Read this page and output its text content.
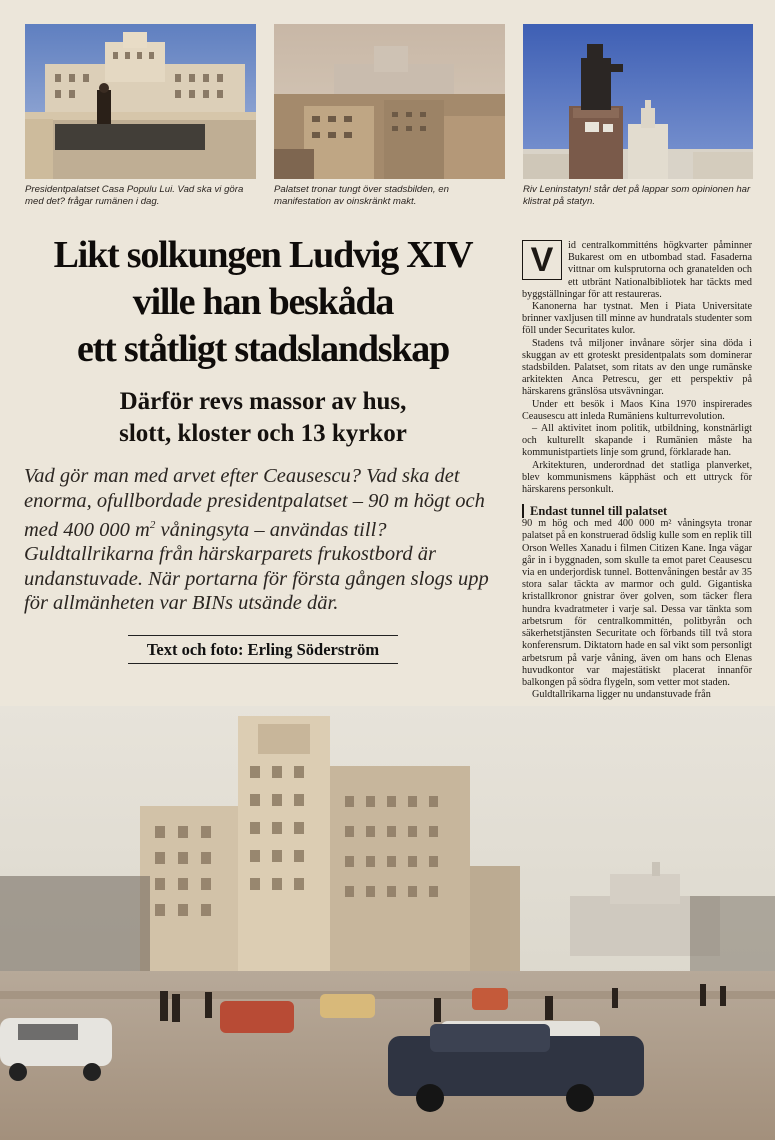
Presidentpalatset Casa Populu Lui. Vad ska vi göra med det? frågar rumänen i dag.
Palatset tronar tungt över stadsbilden, en manifestation av oinskränkt makt.
Riv Leninstatyn! står det på lappar som opinionen har klistrat på statyn.
Likt solkungen Ludvig XIV
ville han beskåda
ett ståtligt stadslandskap
Därför revs massor av hus,
slott, kloster och 13 kyrkor
Vad gör man med arvet efter Ceausescu? Vad ska det enorma, ofullbordade presidentpalatset – 90 m högt och med 400 000 $m^2$ våningsyta – användas till? Guldtallrikarna från härskarparets frukostbord är undanstuvade. När portarna för första gången slogs upp för allmänheten var BINs utsände där.
Text och foto: Erling Söderström

V	id centralkommitténs högkvarter påminner Bukarest om en utbombad stad. Fasaderna vittnar om kulsprutorna och granatelden och ett utbränt Nationalbibliotek har täckts med byggställningar för att restaureras.

Kanonerna har tystnat. Men i Piata Universitate brinner vaxljusen till minne av hundratals studenter som föll under Securitates kulor.

Stadens två miljoner invånare sörjer sina döda i skuggan av ett groteskt presidentpalats som dominerar stadsbilden. Palatset, som ritats av den unge rumänske arkitekten Anca Petrescu, ger ett perspektiv på härskarens gränslösa utsvävningar.

Under ett besök i Maos Kina 1970 inspirerades Ceausescu att inleda Rumäniens kulturrevolution.

– All aktivitet inom politik, utbildning, konstnärligt och kulturellt skapande i Rumänien måste ha kommunistpartiets linje som grund, förklarade han.

Arkitekturen, underordnad det statliga planverket, blev kommunismens käpphäst och ett uttryck för härskarens personkult.

Endast tunnel till palatset

90 m hög och med 400 000 m² våningsyta tronar palatset på en konstruerad ödslig kulle som en replik till Orson Welles Xanadu i filmen Citizen Kane. Inga vägar går in i byggnaden, som skulle ta emot paret Ceausescu via en underjordisk tunnel. Bottenvåningen består av 35 stora salar täckta av marmor och guld. Gigantiska kristallkronor gnistrar över golven, som täcker flera hundra kvadratmeter i varje sal. Dessa var tänkta som arbetsrum för centralkommittén, politbyrån och säkerhetstjänsten Securitate och förbands till två stora konferensrum. Diktatorn hade en sal vikt som personligt arbetsrum på varje våning, även om hans och Elenas huvudkontor var majestätiskt placerat innanför balkongen på södra flygeln, som vetter mot staden.

Guldtallrikarna ligger nu undanstuvade från
